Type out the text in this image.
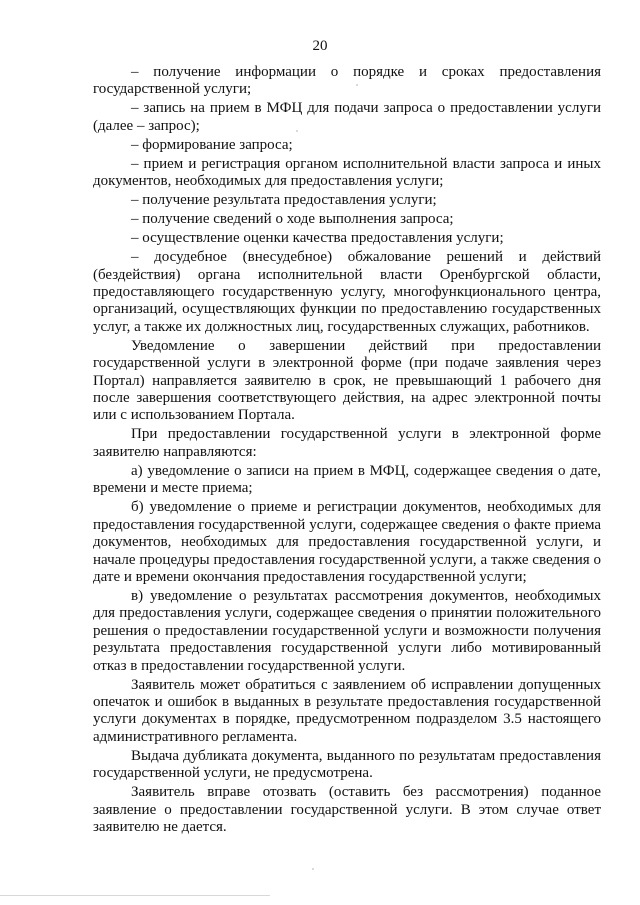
20

– получение информации о порядке и сроках предоставления государственной услуги;

– запись на прием в МФЦ для подачи запроса о предоставлении услуги (далее – запрос);

– формирование запроса;

– прием и регистрация органом исполнительной власти запроса и иных документов, необходимых для предоставления услуги;

– получение результата предоставления услуги;

– получение сведений о ходе выполнения запроса;

– осуществление оценки качества предоставления услуги;

– досудебное (внесудебное) обжалование решений и действий (бездействия) органа исполнительной власти Оренбургской области, предоставляющего государственную услугу, многофункционального центра, организаций, осуществляющих функции по предоставлению государственных услуг, а также их должностных лиц, государственных служащих, работников.

Уведомление о завершении действий при предоставлении государственной услуги в электронной форме (при подаче заявления через Портал) направляется заявителю в срок, не превышающий 1 рабочего дня после завершения соответствующего действия, на адрес электронной почты или с использованием Портала.

При предоставлении государственной услуги в электронной форме заявителю направляются:

а) уведомление о записи на прием в МФЦ, содержащее сведения о дате, времени и месте приема;

б) уведомление о приеме и регистрации документов, необходимых для предоставления государственной услуги, содержащее сведения о факте приема документов, необходимых для предоставления государственной услуги, и начале процедуры предоставления государственной услуги, а также сведения о дате и времени окончания предоставления государственной услуги;

в) уведомление о результатах рассмотрения документов, необходимых для предоставления услуги, содержащее сведения о принятии положительного решения о предоставлении государственной услуги и возможности получения результата предоставления государственной услуги либо мотивированный отказ в предоставлении государственной услуги.

Заявитель может обратиться с заявлением об исправлении допущенных опечаток и ошибок в выданных в результате предоставления государственной услуги документах в порядке, предусмотренном подразделом 3.5 настоящего административного регламента.

Выдача дубликата документа, выданного по результатам предоставления государственной услуги, не предусмотрена.

Заявитель вправе отозвать (оставить без рассмотрения) поданное заявление о предоставлении государственной услуги. В этом случае ответ заявителю не дается.
